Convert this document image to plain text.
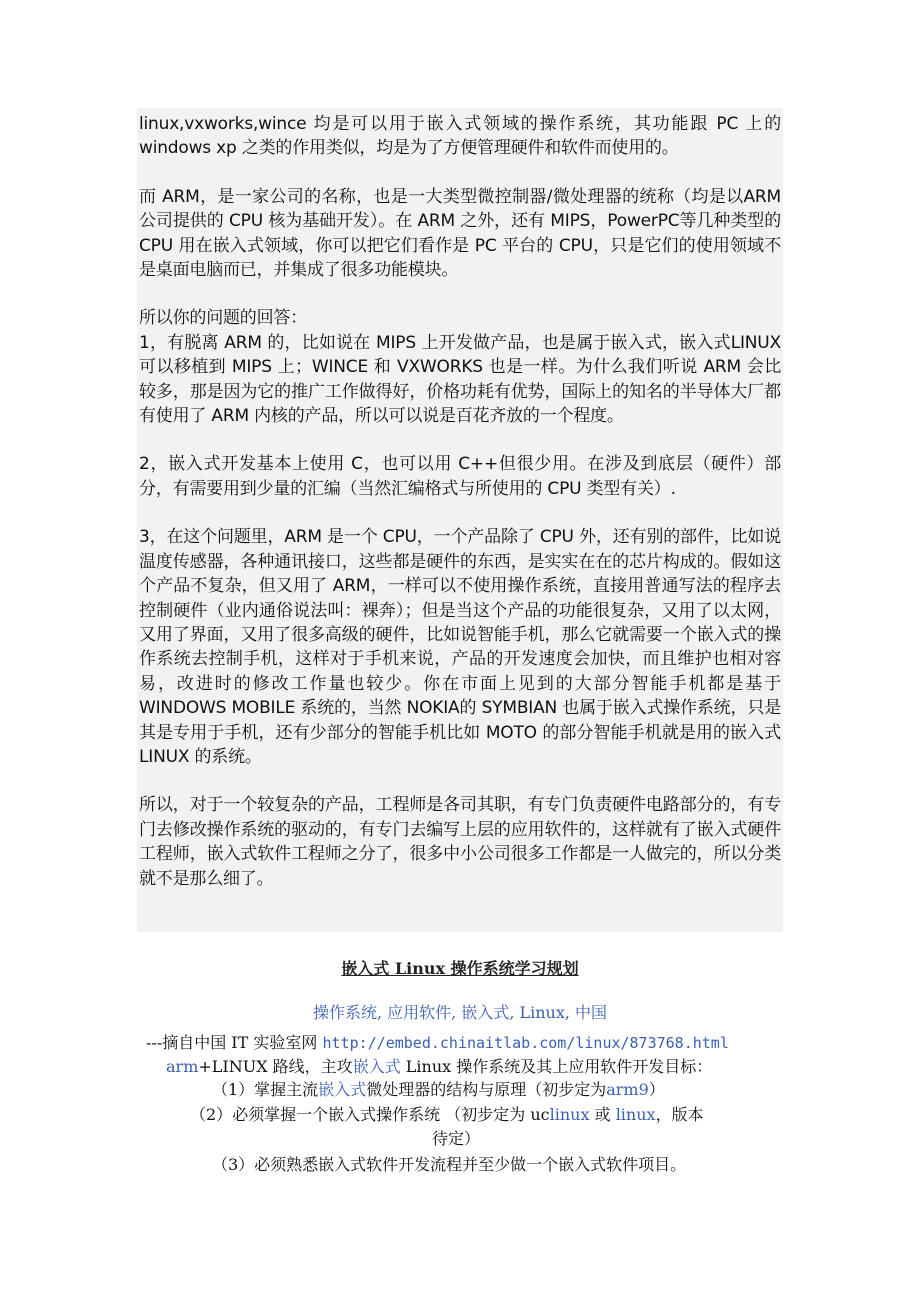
linux,vxworks,wince 均是可以用于嵌入式领域的操作系统，其功能跟 PC 上的windows xp 之类的作用类似，均是为了方便管理硬件和软件而使用的。

而 ARM，是一家公司的名称，也是一大类型微控制器/微处理器的统称（均是以ARM 公司提供的 CPU 核为基础开发）。在 ARM 之外，还有 MIPS，PowerPC等几种类型的 CPU 用在嵌入式领域，你可以把它们看作是 PC 平台的 CPU，只是它们的使用领域不是桌面电脑而已，并集成了很多功能模块。

所以你的问题的回答：

1，有脱离 ARM 的，比如说在 MIPS 上开发做产品，也是属于嵌入式，嵌入式LINUX 可以移植到 MIPS 上；WINCE 和 VXWORKS 也是一样。为什么我们听说 ARM 会比较多，那是因为它的推广工作做得好，价格功耗有优势，国际上的知名的半导体大厂都有使用了 ARM 内核的产品，所以可以说是百花齐放的一个程度。

2，嵌入式开发基本上使用 C，也可以用 C++但很少用。在涉及到底层（硬件）部分，有需要用到少量的汇编（当然汇编格式与所使用的 CPU 类型有关）.

3，在这个问题里，ARM 是一个 CPU，一个产品除了 CPU 外，还有别的部件，比如说温度传感器，各种通讯接口，这些都是硬件的东西，是实实在在的芯片构成的。假如这个产品不复杂，但又用了 ARM，一样可以不使用操作系统，直接用普通写法的程序去控制硬件（业内通俗说法叫：裸奔）；但是当这个产品的功能很复杂，又用了以太网，又用了界面，又用了很多高级的硬件，比如说智能手机，那么它就需要一个嵌入式的操作系统去控制手机，这样对于手机来说，产品的开发速度会加快，而且维护也相对容易，改进时的修改工作量也较少。你在市面上见到的大部分智能手机都是基于 WINDOWS MOBILE 系统的，当然 NOKIA的 SYMBIAN 也属于嵌入式操作系统，只是其是专用于手机，还有少部分的智能手机比如 MOTO 的部分智能手机就是用的嵌入式 LINUX 的系统。

所以，对于一个较复杂的产品，工程师是各司其职，有专门负责硬件电路部分的，有专门去修改操作系统的驱动的，有专门去编写上层的应用软件的，这样就有了嵌入式硬件工程师，嵌入式软件工程师之分了，很多中小公司很多工作都是一人做完的，所以分类就不是那么细了。

嵌入式 Linux 操作系统学习规划
操作系统, 应用软件, 嵌入式, Linux, 中国
---摘自中国 IT 实验室网 http://embed.chinaitlab.com/linux/873768.html
arm+LINUX 路线，主攻嵌入式 Linux 操作系统及其上应用软件开发目标：
（1）掌握主流嵌入式微处理器的结构与原理（初步定为arm9）
（2）必须掌握一个嵌入式操作系统 （初步定为 uclinux 或 linux，版本
待定）
（3）必须熟悉嵌入式软件开发流程并至少做一个嵌入式软件项目。
